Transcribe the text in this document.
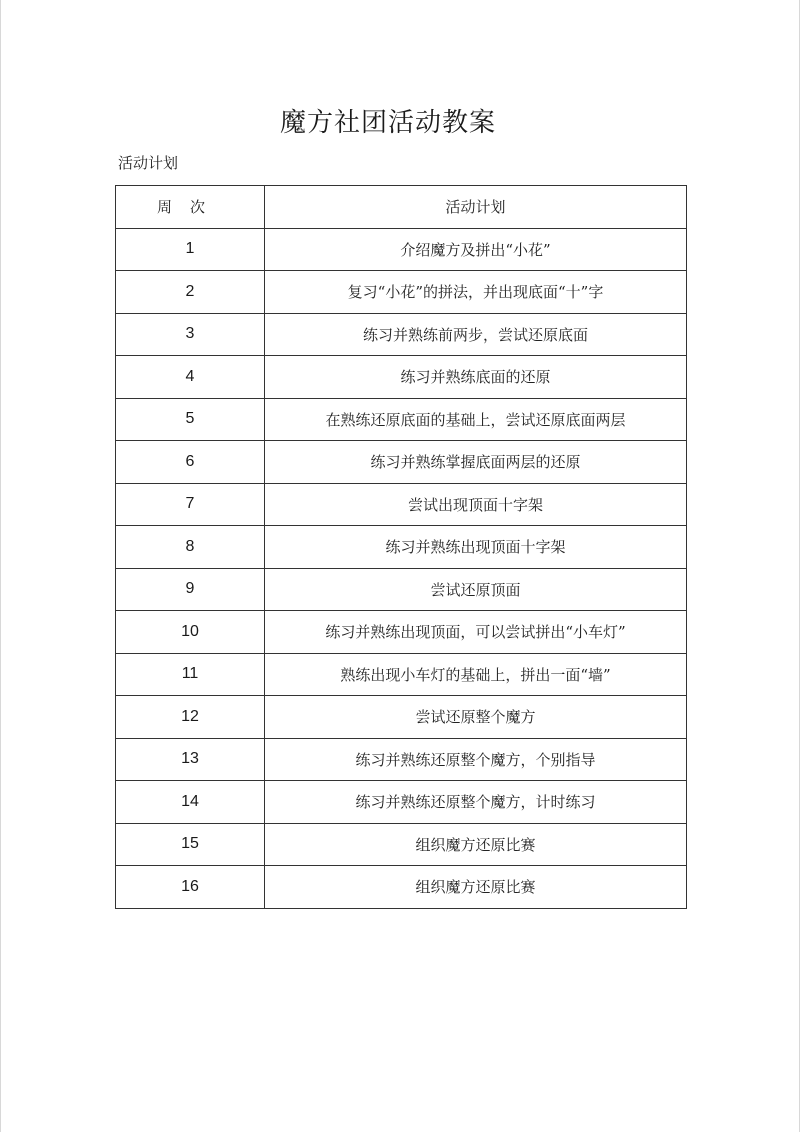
魔方社团活动教案
活动计划
周次	活动计划
1	介绍魔方及拼出“小花”
2	复习“小花”的拼法，并出现底面“十”字
3	练习并熟练前两步，尝试还原底面
4	练习并熟练底面的还原
5	在熟练还原底面的基础上，尝试还原底面两层
6	练习并熟练掌握底面两层的还原
7	尝试出现顶面十字架
8	练习并熟练出现顶面十字架
9	尝试还原顶面
10	练习并熟练出现顶面，可以尝试拼出“小车灯”
11	熟练出现小车灯的基础上，拼出一面“墙”
12	尝试还原整个魔方
13	练习并熟练还原整个魔方，个别指导
14	练习并熟练还原整个魔方，计时练习
15	组织魔方还原比赛
16	组织魔方还原比赛
